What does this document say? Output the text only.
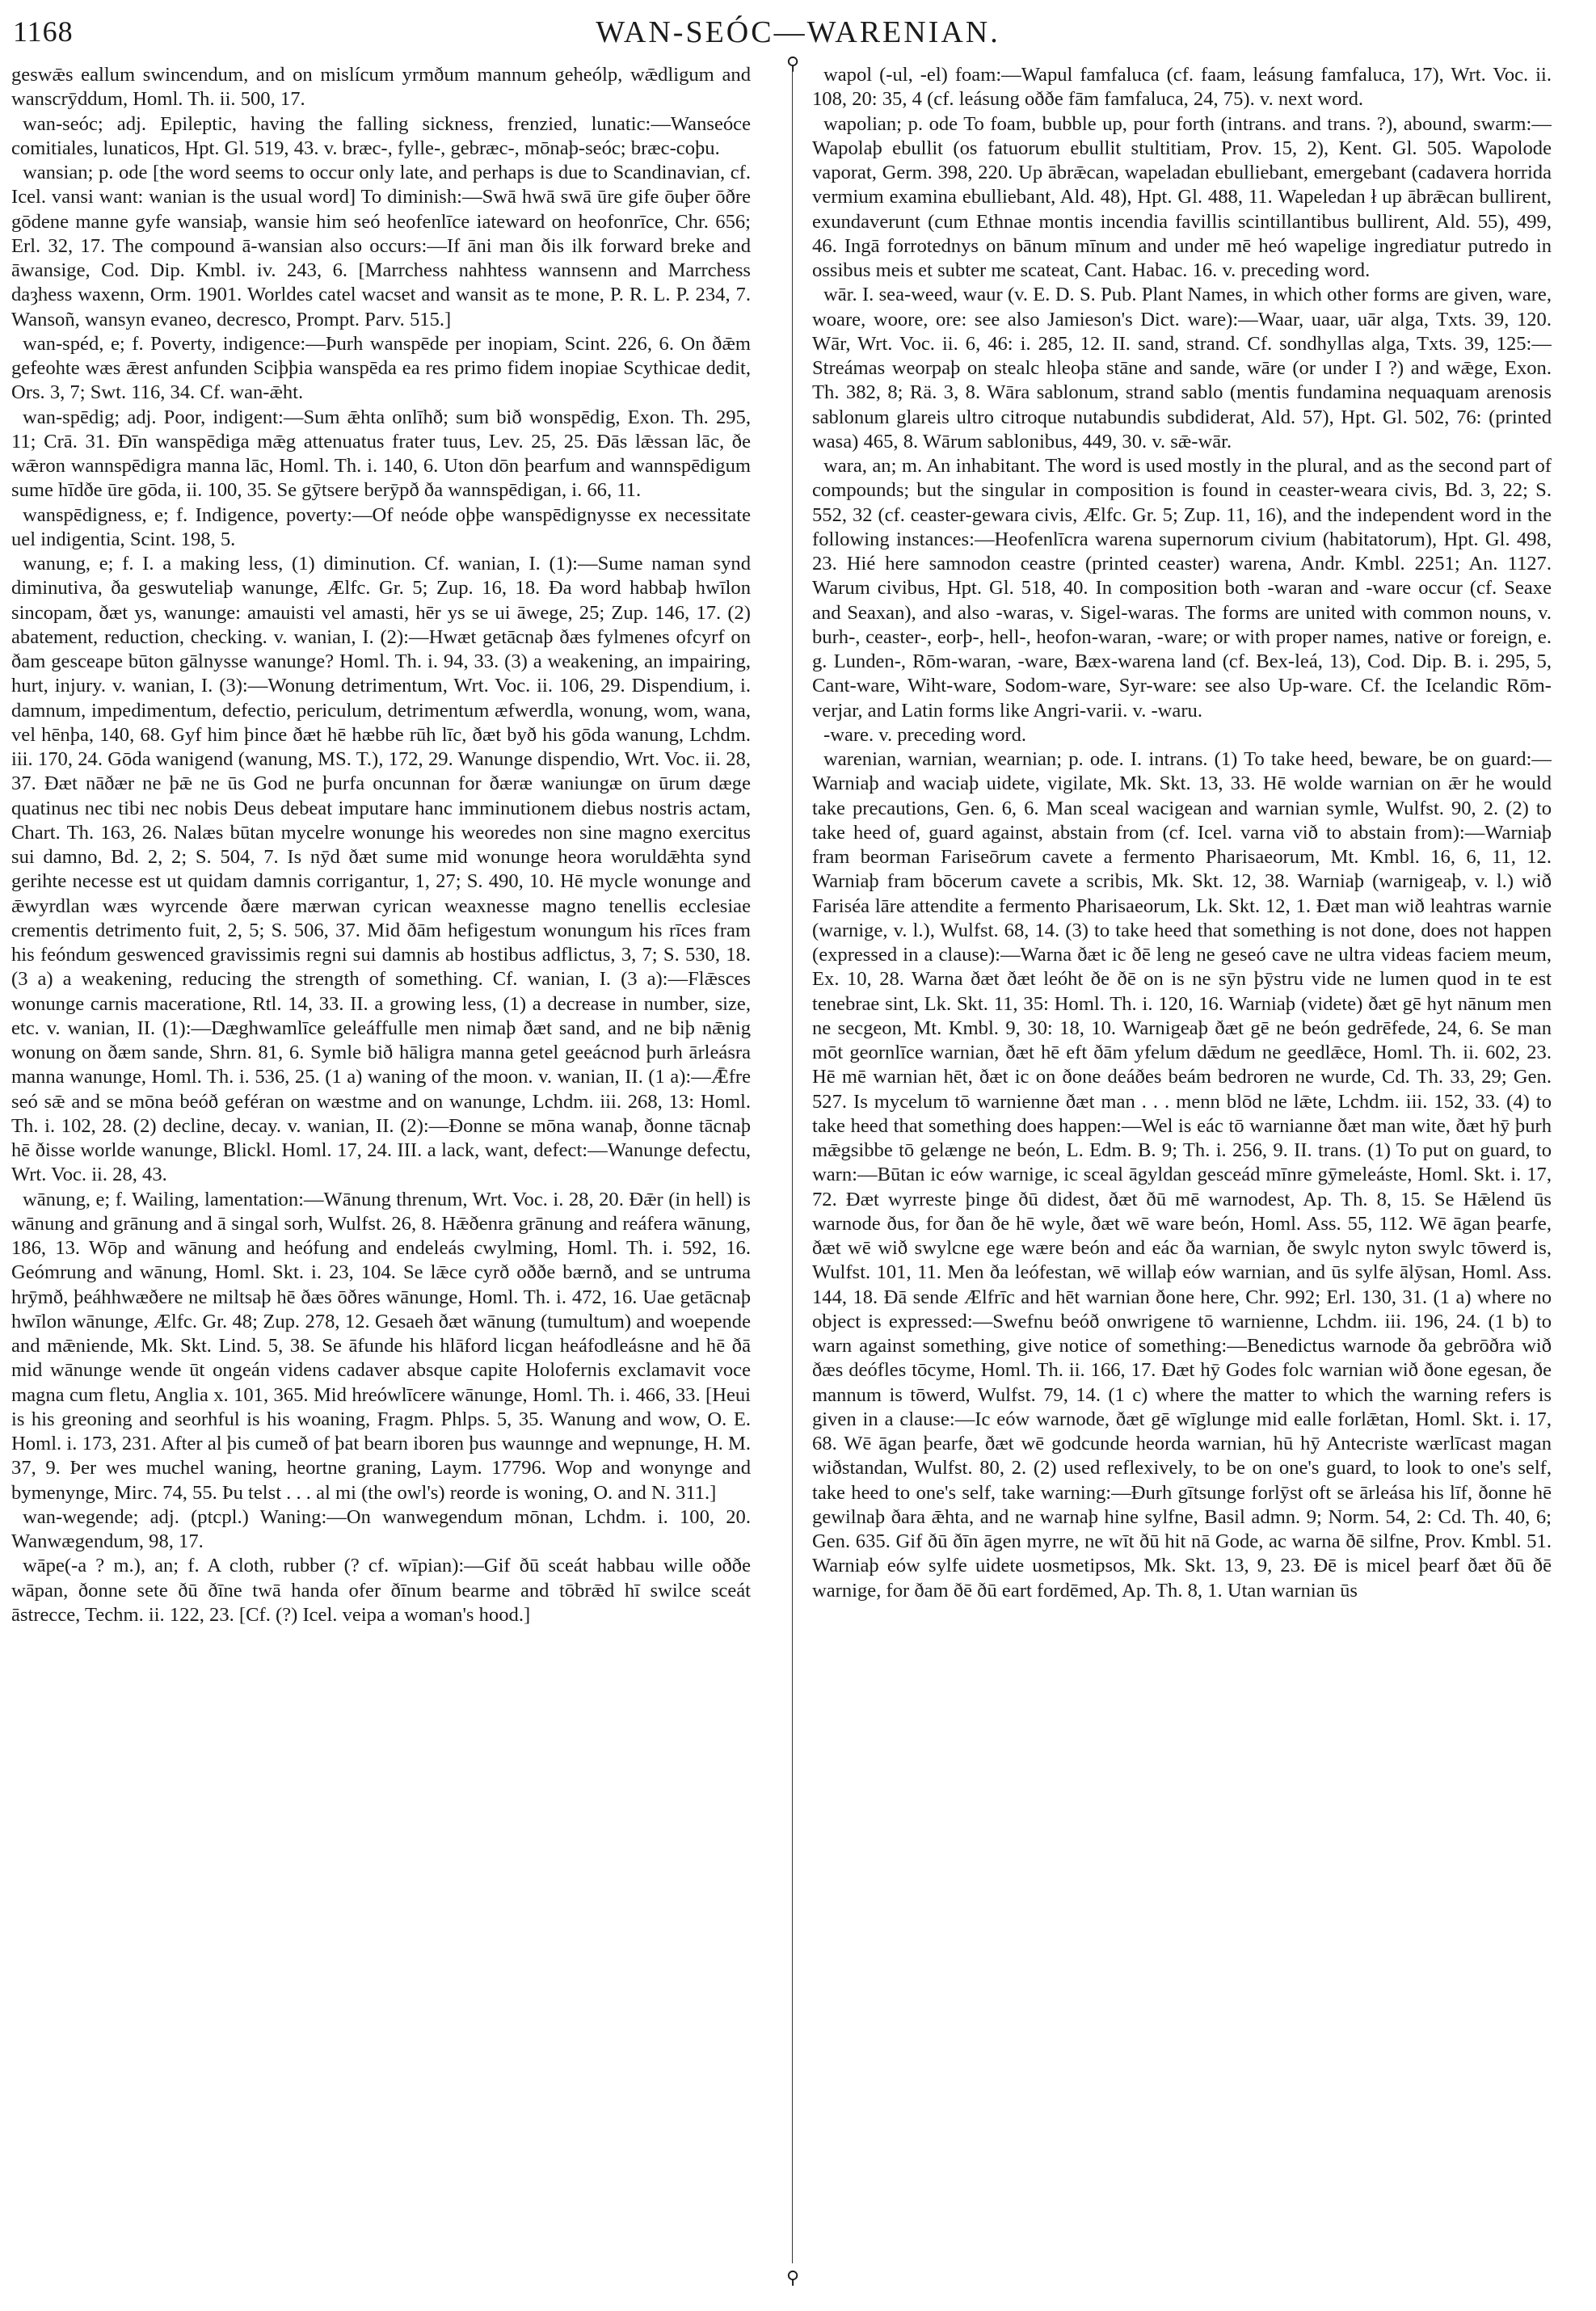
1168	WAN-SEÓC—WARENIAN.
⚲
⚲

geswǣs eallum swincendum, and on mislícum yrmðum mannum geheólp, wǣdligum and wanscrȳddum, Homl. Th. ii. 500, 17.

wan-seóc; adj. Epileptic, having the falling sickness, frenzied, lunatic:—Wanseóce comitiales, lunaticos, Hpt. Gl. 519, 43. v. bræc-, fylle-, gebræc-, mōnaþ-seóc; bræc-coþu.

wansian; p. ode [the word seems to occur only late, and perhaps is due to Scandinavian, cf. Icel. vansi want: wanian is the usual word] To diminish:—Swā hwā swā ūre gife ōuþer ōðre gōdene manne gyfe wansiaþ, wansie him seó heofenlīce iateward on heofonrīce, Chr. 656; Erl. 32, 17. The compound ā-wansian also occurs:—If āni man ðis ilk forward breke and āwansige, Cod. Dip. Kmbl. iv. 243, 6. [Marrchess nahhtess wannsenn and Marrchess daȝhess waxenn, Orm. 1901. Worldes catel wacset and wansit as te mone, P. R. L. P. 234, 7. Wansoñ, wansyn evaneo, decresco, Prompt. Parv. 515.]

wan-spéd, e; f. Poverty, indigence:—Þurh wanspēde per inopiam, Scint. 226, 6. On ðǣm gefeohte wæs ǣrest anfunden Sciþþia wanspēda ea res primo fidem inopiae Scythicae dedit, Ors. 3, 7; Swt. 116, 34. Cf. wan-ǣht.

wan-spēdig; adj. Poor, indigent:—Sum ǣhta onlīhð; sum bið wonspēdig, Exon. Th. 295, 11; Crā. 31. Ðīn wanspēdiga mǣg attenuatus frater tuus, Lev. 25, 25. Ðās lǣssan lāc, ðe wǣron wannspēdigra manna lāc, Homl. Th. i. 140, 6. Uton dōn þearfum and wannspēdigum sume hīdðe ūre gōda, ii. 100, 35. Se gȳtsere berȳpð ða wannspēdigan, i. 66, 11.

wanspēdigness, e; f. Indigence, poverty:—Of neóde oþþe wanspēdignysse ex necessitate uel indigentia, Scint. 198, 5.

wanung, e; f. I. a making less, (1) diminution. Cf. wanian, I. (1):—Sume naman synd diminutiva, ða geswuteliaþ wanunge, Ælfc. Gr. 5; Zup. 16, 18. Ða word habbaþ hwīlon sincopam, ðæt ys, wanunge: amauisti vel amasti, hēr ys se ui āwege, 25; Zup. 146, 17. (2) abatement, reduction, checking. v. wanian, I. (2):—Hwæt getācnaþ ðæs fylmenes ofcyrf on ðam gesceape būton gālnysse wanunge? Homl. Th. i. 94, 33. (3) a weakening, an impairing, hurt, injury. v. wanian, I. (3):—Wonung detrimentum, Wrt. Voc. ii. 106, 29. Dispendium, i. damnum, impedimentum, defectio, periculum, detrimentum æfwerdla, wonung, wom, wana, vel hēnþa, 140, 68. Gyf him þince ðæt hē hæbbe rūh līc, ðæt byð his gōda wanung, Lchdm. iii. 170, 24. Gōda wanigend (wanung, MS. T.), 172, 29. Wanunge dispendio, Wrt. Voc. ii. 28, 37. Ðæt nāðær ne þǣ ne ūs God ne þurfa oncunnan for ðæræ waniungæ on ūrum dæge quatinus nec tibi nec nobis Deus debeat imputare hanc imminutionem diebus nostris actam, Chart. Th. 163, 26. Nalæs būtan mycelre wonunge his weoredes non sine magno exercitus sui damno, Bd. 2, 2; S. 504, 7. Is nȳd ðæt sume mid wonunge heora woruldǣhta synd gerihte necesse est ut quidam damnis corrigantur, 1, 27; S. 490, 10. Hē mycle wonunge and ǣwyrdlan wæs wyrcende ðære mærwan cyrican weaxnesse magno tenellis ecclesiae crementis detrimento fuit, 2, 5; S. 506, 37. Mid ðām hefigestum wonungum his rīces fram his feóndum geswenced gravissimis regni sui damnis ab hostibus adflictus, 3, 7; S. 530, 18. (3 a) a weakening, reducing the strength of something. Cf. wanian, I. (3 a):—Flǣsces wonunge carnis maceratione, Rtl. 14, 33. II. a growing less, (1) a decrease in number, size, etc. v. wanian, II. (1):—Dæghwamlīce geleáffulle men nimaþ ðæt sand, and ne biþ nǣnig wonung on ðæm sande, Shrn. 81, 6. Symle bið hāligra manna getel geeácnod þurh ārleásra manna wanunge, Homl. Th. i. 536, 25. (1 a) waning of the moon. v. wanian, II. (1 a):—Ǣfre seó sǣ and se mōna beóð geféran on wæstme and on wanunge, Lchdm. iii. 268, 13: Homl. Th. i. 102, 28. (2) decline, decay. v. wanian, II. (2):—Ðonne se mōna wanaþ, ðonne tācnaþ hē ðisse worlde wanunge, Blickl. Homl. 17, 24. III. a lack, want, defect:—Wanunge defectu, Wrt. Voc. ii. 28, 43.

wānung, e; f. Wailing, lamentation:—Wānung threnum, Wrt. Voc. i. 28, 20. Ðǣr (in hell) is wānung and grānung and ā singal sorh, Wulfst. 26, 8. Hǣðenra grānung and reáfera wānung, 186, 13. Wōp and wānung and heófung and endeleás cwylming, Homl. Th. i. 592, 16. Geómrung and wānung, Homl. Skt. i. 23, 104. Se lǣce cyrð oððe bærnð, and se untruma hrȳmð, þeáhhwæðere ne miltsaþ hē ðæs ōðres wānunge, Homl. Th. i. 472, 16. Uae getācnaþ hwīlon wānunge, Ælfc. Gr. 48; Zup. 278, 12. Gesaeh ðæt wānung (tumultum) and woepende and mǣniende, Mk. Skt. Lind. 5, 38. Se āfunde his hlāford licgan heáfodleásne and hē ðā mid wānunge wende ūt ongeán videns cadaver absque capite Holofernis exclamavit voce magna cum fletu, Anglia x. 101, 365. Mid hreówlīcere wānunge, Homl. Th. i. 466, 33. [Heui is his greoning and seorhful is his woaning, Fragm. Phlps. 5, 35. Wanung and wow, O. E. Homl. i. 173, 231. After al þis cumeð of þat bearn iboren þus waunnge and wepnunge, H. M. 37, 9. Þer wes muchel waning, heortne graning, Laym. 17796. Wop and wonynge and bymenynge, Mirc. 74, 55. Þu telst . . . al mi (the owl's) reorde is woning, O. and N. 311.]

wan-wegende; adj. (ptcpl.) Waning:—On wanwegendum mōnan, Lchdm. i. 100, 20. Wanwægendum, 98, 17.

wāpe(-a ? m.), an; f. A cloth, rubber (? cf. wīpian):—Gif ðū sceát habbau wille oððe wāpan, ðonne sete ðū ðīne twā handa ofer ðīnum bearme and tōbrǣd hī swilce sceát āstrecce, Techm. ii. 122, 23. [Cf. (?) Icel. veipa a woman's hood.]

wapol (-ul, -el) foam:—Wapul famfaluca (cf. faam, leásung famfaluca, 17), Wrt. Voc. ii. 108, 20: 35, 4 (cf. leásung oððe fām famfaluca, 24, 75). v. next word.

wapolian; p. ode To foam, bubble up, pour forth (intrans. and trans. ?), abound, swarm:—Wapolaþ ebullit (os fatuorum ebullit stultitiam, Prov. 15, 2), Kent. Gl. 505. Wapolode vaporat, Germ. 398, 220. Up ābrǣcan, wapeladan ebulliebant, emergebant (cadavera horrida vermium examina ebulliebant, Ald. 48), Hpt. Gl. 488, 11. Wapeledan ł up ābrǣcan bullirent, exundaverunt (cum Ethnae montis incendia favillis scintillantibus bullirent, Ald. 55), 499, 46. Ingā forrotednys on bānum mīnum and under mē heó wapelige ingrediatur putredo in ossibus meis et subter me scateat, Cant. Habac. 16. v. preceding word.

wār. I. sea-weed, waur (v. E. D. S. Pub. Plant Names, in which other forms are given, ware, woare, woore, ore: see also Jamieson's Dict. ware):—Waar, uaar, uār alga, Txts. 39, 120. Wār, Wrt. Voc. ii. 6, 46: i. 285, 12. II. sand, strand. Cf. sondhyllas alga, Txts. 39, 125:—Streámas weorpaþ on stealc hleoþa stāne and sande, wāre (or under I ?) and wǣge, Exon. Th. 382, 8; Rä. 3, 8. Wāra sablonum, strand sablo (mentis fundamina nequaquam arenosis sablonum glareis ultro citroque nutabundis subdiderat, Ald. 57), Hpt. Gl. 502, 76: (printed wasa) 465, 8. Wārum sablonibus, 449, 30. v. sǣ-wār.

wara, an; m. An inhabitant. The word is used mostly in the plural, and as the second part of compounds; but the singular in composition is found in ceaster-weara civis, Bd. 3, 22; S. 552, 32 (cf. ceaster-gewara civis, Ælfc. Gr. 5; Zup. 11, 16), and the independent word in the following instances:—Heofenlīcra warena supernorum civium (habitatorum), Hpt. Gl. 498, 23. Hié here samnodon ceastre (printed ceaster) warena, Andr. Kmbl. 2251; An. 1127. Warum civibus, Hpt. Gl. 518, 40. In composition both -waran and -ware occur (cf. Seaxe and Seaxan), and also -waras, v. Sigel-waras. The forms are united with common nouns, v. burh-, ceaster-, eorþ-, hell-, heofon-waran, -ware; or with proper names, native or foreign, e. g. Lunden-, Rōm-waran, -ware, Bæx-warena land (cf. Bex-leá, 13), Cod. Dip. B. i. 295, 5, Cant-ware, Wiht-ware, Sodom-ware, Syr-ware: see also Up-ware. Cf. the Icelandic Rōm-verjar, and Latin forms like Angri-varii. v. -waru.

-ware. v. preceding word.

warenian, warnian, wearnian; p. ode. I. intrans. (1) To take heed, beware, be on guard:—Warniaþ and waciaþ uidete, vigilate, Mk. Skt. 13, 33. Hē wolde warnian on ǣr he would take precautions, Gen. 6, 6. Man sceal wacigean and warnian symle, Wulfst. 90, 2. (2) to take heed of, guard against, abstain from (cf. Icel. varna við to abstain from):—Warniaþ fram beorman Fariseōrum cavete a fermento Pharisaeorum, Mt. Kmbl. 16, 6, 11, 12. Warniaþ fram bōcerum cavete a scribis, Mk. Skt. 12, 38. Warniaþ (warnigeaþ, v. l.) wið Fariséa lāre attendite a fermento Pharisaeorum, Lk. Skt. 12, 1. Ðæt man wið leahtras warnie (warnige, v. l.), Wulfst. 68, 14. (3) to take heed that something is not done, does not happen (expressed in a clause):—Warna ðæt ic ðē leng ne geseó cave ne ultra videas faciem meum, Ex. 10, 28. Warna ðæt ðæt leóht ðe ðē on is ne sȳn þȳstru vide ne lumen quod in te est tenebrae sint, Lk. Skt. 11, 35: Homl. Th. i. 120, 16. Warniaþ (videte) ðæt gē hyt nānum men ne secgeon, Mt. Kmbl. 9, 30: 18, 10. Warnigeaþ ðæt gē ne beón gedrēfede, 24, 6. Se man mōt geornlīce warnian, ðæt hē eft ðām yfelum dǣdum ne geedlǣce, Homl. Th. ii. 602, 23. Hē mē warnian hēt, ðæt ic on ðone deáðes beám bedroren ne wurde, Cd. Th. 33, 29; Gen. 527. Is mycelum tō warnienne ðæt man . . . menn blōd ne lǣte, Lchdm. iii. 152, 33. (4) to take heed that something does happen:—Wel is eác tō warnianne ðæt man wite, ðæt hȳ þurh mǣgsibbe tō gelænge ne beón, L. Edm. B. 9; Th. i. 256, 9. II. trans. (1) To put on guard, to warn:—Būtan ic eów warnige, ic sceal āgyldan gesceád mīnre gȳmeleáste, Homl. Skt. i. 17, 72. Ðæt wyrreste þinge ðū didest, ðæt ðū mē warnodest, Ap. Th. 8, 15. Se Hǣlend ūs warnode ðus, for ðan ðe hē wyle, ðæt wē ware beón, Homl. Ass. 55, 112. Wē āgan þearfe, ðæt wē wið swylcne ege wære beón and eác ða warnian, ðe swylc nyton swylc tōwerd is, Wulfst. 101, 11. Men ða leófestan, wē willaþ eów warnian, and ūs sylfe ālȳsan, Homl. Ass. 144, 18. Ðā sende Ælfrīc and hēt warnian ðone here, Chr. 992; Erl. 130, 31. (1 a) where no object is expressed:—Swefnu beóð onwrigene tō warnienne, Lchdm. iii. 196, 24. (1 b) to warn against something, give notice of something:—Benedictus warnode ða gebrōðra wið ðæs deófles tōcyme, Homl. Th. ii. 166, 17. Ðæt hȳ Godes folc warnian wið ðone egesan, ðe mannum is tōwerd, Wulfst. 79, 14. (1 c) where the matter to which the warning refers is given in a clause:—Ic eów warnode, ðæt gē wīglunge mid ealle forlǣtan, Homl. Skt. i. 17, 68. Wē āgan þearfe, ðæt wē godcunde heorda warnian, hū hȳ Antecriste wærlīcast magan wiðstandan, Wulfst. 80, 2. (2) used reflexively, to be on one's guard, to look to one's self, take heed to one's self, take warning:—Ðurh gītsunge forlȳst oft se ārleása his līf, ðonne hē gewilnaþ ðara ǣhta, and ne warnaþ hine sylfne, Basil admn. 9; Norm. 54, 2: Cd. Th. 40, 6; Gen. 635. Gif ðū ðīn āgen myrre, ne wīt ðū hit nā Gode, ac warna ðē silfne, Prov. Kmbl. 51. Warniaþ eów sylfe uidete uosmetipsos, Mk. Skt. 13, 9, 23. Ðē is micel þearf ðæt ðū ðē warnige, for ðam ðē ðū eart fordēmed, Ap. Th. 8, 1. Utan warnian ūs
